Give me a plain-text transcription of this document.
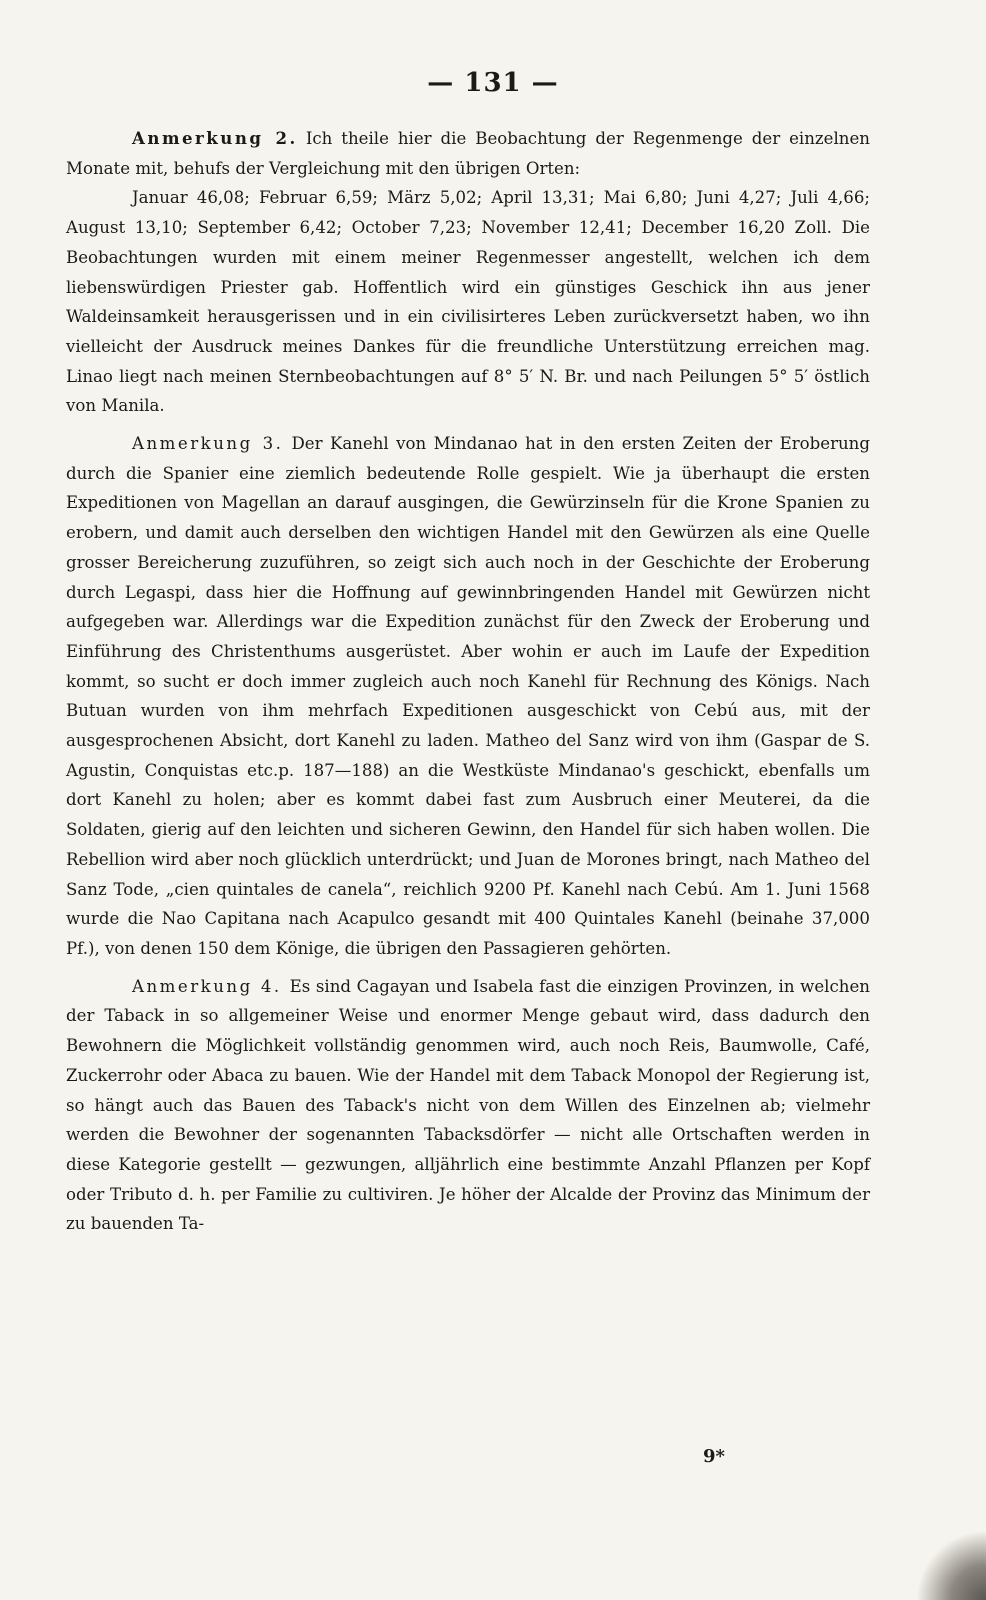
— 131 —

Anmerkung 2. Ich theile hier die Beobachtung der Regenmenge der einzelnen Monate mit, behufs der Vergleichung mit den übrigen Orten:

Januar 46,08; Februar 6,59; März 5,02; April 13,31; Mai 6,80; Juni 4,27; Juli 4,66; August 13,10; September 6,42; October 7,23; November 12,41; December 16,20 Zoll. Die Beobachtungen wurden mit einem meiner Regenmesser angestellt, welchen ich dem liebenswürdigen Priester gab. Hoffentlich wird ein günstiges Geschick ihn aus jener Waldeinsamkeit herausgerissen und in ein civilisirteres Leben zurückversetzt haben, wo ihn vielleicht der Ausdruck meines Dankes für die freundliche Unterstützung erreichen mag. Linao liegt nach meinen Sternbeobachtungen auf 8° 5′ N. Br. und nach Peilungen 5° 5′ östlich von Manila.

Anmerkung 3. Der Kanehl von Mindanao hat in den ersten Zeiten der Eroberung durch die Spanier eine ziemlich bedeutende Rolle gespielt. Wie ja überhaupt die ersten Expeditionen von Magellan an darauf ausgingen, die Gewürzinseln für die Krone Spanien zu erobern, und damit auch derselben den wichtigen Handel mit den Gewürzen als eine Quelle grosser Bereicherung zuzuführen, so zeigt sich auch noch in der Geschichte der Eroberung durch Legaspi, dass hier die Hoffnung auf gewinnbringenden Handel mit Gewürzen nicht aufgegeben war. Allerdings war die Expedition zunächst für den Zweck der Eroberung und Einführung des Christenthums ausgerüstet. Aber wohin er auch im Laufe der Expedition kommt, so sucht er doch immer zugleich auch noch Kanehl für Rechnung des Königs. Nach Butuan wurden von ihm mehrfach Expeditionen ausgeschickt von Cebú aus, mit der ausgesprochenen Absicht, dort Kanehl zu laden. Matheo del Sanz wird von ihm (Gaspar de S. Agustin, Conquistas etc.p. 187—188) an die Westküste Mindanao's geschickt, ebenfalls um dort Kanehl zu holen; aber es kommt dabei fast zum Ausbruch einer Meuterei, da die Soldaten, gierig auf den leichten und sicheren Gewinn, den Handel für sich haben wollen. Die Rebellion wird aber noch glücklich unterdrückt; und Juan de Morones bringt, nach Matheo del Sanz Tode, „cien quintales de canela“, reichlich 9200 Pf. Kanehl nach Cebú. Am 1. Juni 1568 wurde die Nao Capitana nach Acapulco gesandt mit 400 Quintales Kanehl (beinahe 37,000 Pf.), von denen 150 dem Könige, die übrigen den Passagieren gehörten.

Anmerkung 4. Es sind Cagayan und Isabela fast die einzigen Provinzen, in welchen der Taback in so allgemeiner Weise und enormer Menge gebaut wird, dass dadurch den Bewohnern die Möglichkeit vollständig genommen wird, auch noch Reis, Baumwolle, Café, Zuckerrohr oder Abaca zu bauen. Wie der Handel mit dem Taback Monopol der Regierung ist, so hängt auch das Bauen des Taback's nicht von dem Willen des Einzelnen ab; vielmehr werden die Bewohner der sogenannten Tabacksdörfer — nicht alle Ortschaften werden in diese Kategorie gestellt — gezwungen, alljährlich eine bestimmte Anzahl Pflanzen per Kopf oder Tributo d. h. per Familie zu cultiviren. Je höher der Alcalde der Provinz das Minimum der zu bauenden Ta-

9*
